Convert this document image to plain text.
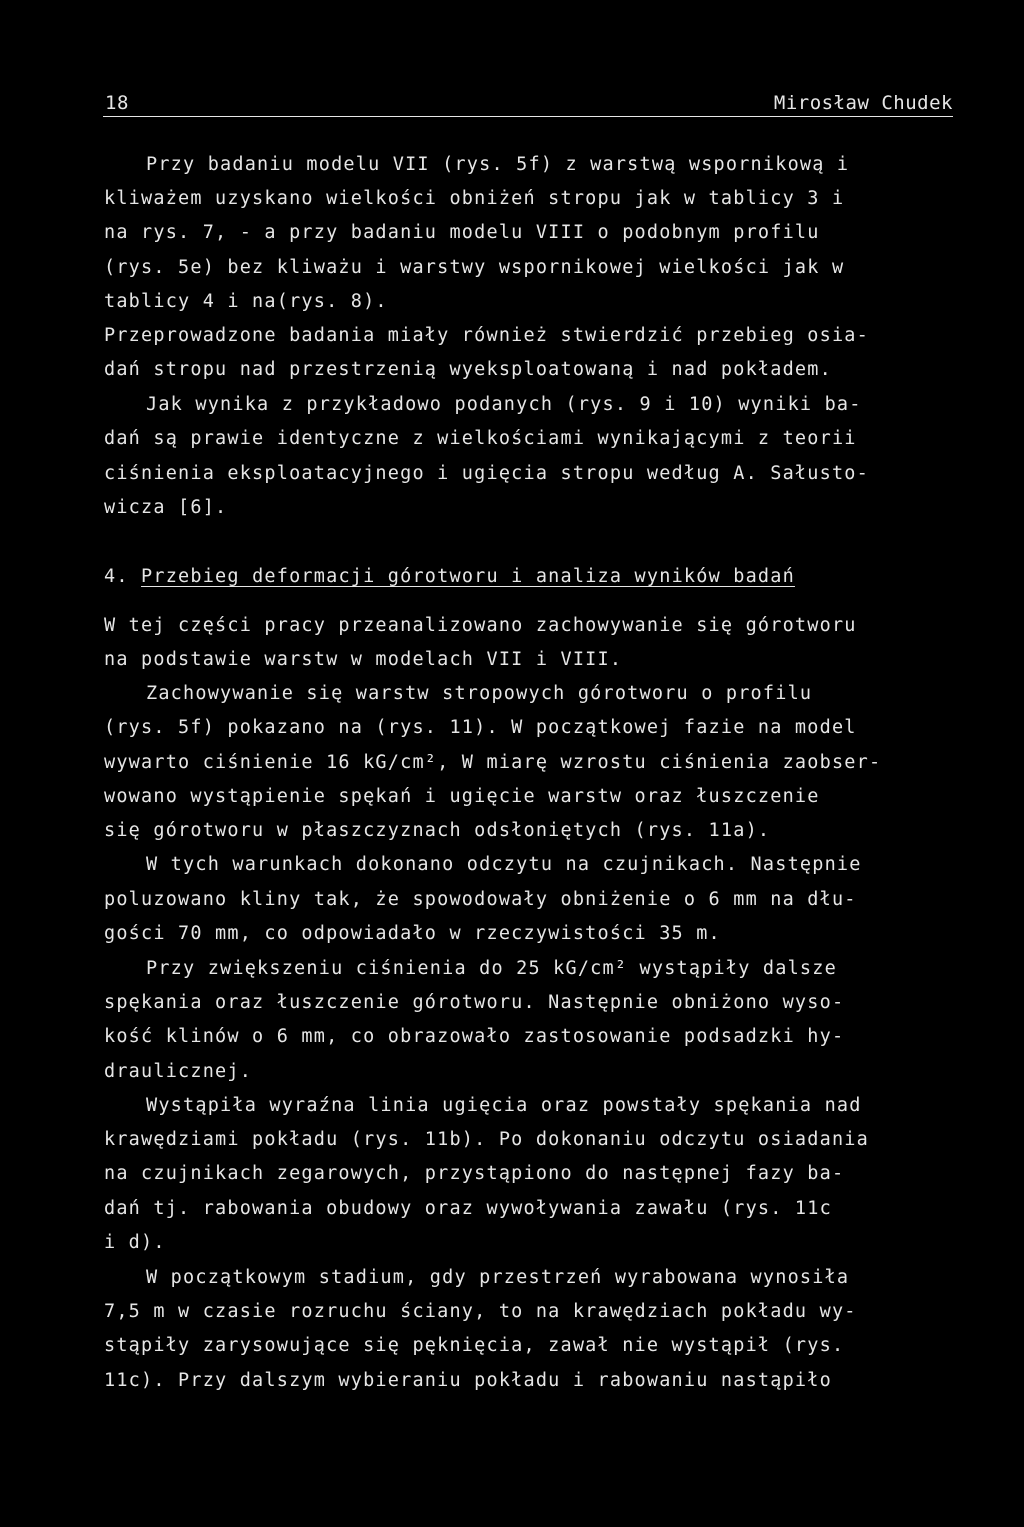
18	Mirosław Chudek
4. Przebieg deformacji górotworu i analiza wyników badań
Przy badaniu modelu VII (rys. 5f) z warstwą wspornikową i
kliważem uzyskano wielkości obniżeń stropu jak w tablicy 3 i
na rys. 7, - a przy badaniu modelu VIII o podobnym profilu
(rys. 5e) bez kliważu i warstwy wspornikowej wielkości jak w
tablicy 4 i na(rys. 8).
Przeprowadzone badania miały również stwierdzić przebieg osia-
dań stropu nad przestrzenią wyeksploatowaną i nad pokładem.
Jak wynika z przykładowo podanych (rys. 9 i 10) wyniki ba-
dań są prawie identyczne z wielkościami wynikającymi z teorii
ciśnienia eksploatacyjnego i ugięcia stropu według A. Sałusto-
wicza [6].
W tej części pracy przeanalizowano zachowywanie się górotworu
na podstawie warstw w modelach VII i VIII.
Zachowywanie się warstw stropowych górotworu o profilu
(rys. 5f) pokazano na (rys. 11). W początkowej fazie na model
wywarto ciśnienie 16 kG/cm², W miarę wzrostu ciśnienia zaobser-
wowano wystąpienie spękań i ugięcie warstw oraz łuszczenie
się górotworu w płaszczyznach odsłoniętych (rys. 11a).
W tych warunkach dokonano odczytu na czujnikach. Następnie
poluzowano kliny tak, że spowodowały obniżenie o 6 mm na dłu-
gości 70 mm, co odpowiadało w rzeczywistości 35 m.
Przy zwiększeniu ciśnienia do 25 kG/cm² wystąpiły dalsze
spękania oraz łuszczenie górotworu. Następnie obniżono wyso-
kość klinów o 6 mm, co obrazowało zastosowanie podsadzki hy-
draulicznej.
Wystąpiła wyraźna linia ugięcia oraz powstały spękania nad
krawędziami pokładu (rys. 11b). Po dokonaniu odczytu osiadania
na czujnikach zegarowych, przystąpiono do następnej fazy ba-
dań tj. rabowania obudowy oraz wywoływania zawału (rys. 11c
i d).
W początkowym stadium, gdy przestrzeń wyrabowana wynosiła
7,5 m w czasie rozruchu ściany, to na krawędziach pokładu wy-
stąpiły zarysowujące się pęknięcia, zawał nie wystąpił (rys.
11c). Przy dalszym wybieraniu pokładu i rabowaniu nastąpiło
